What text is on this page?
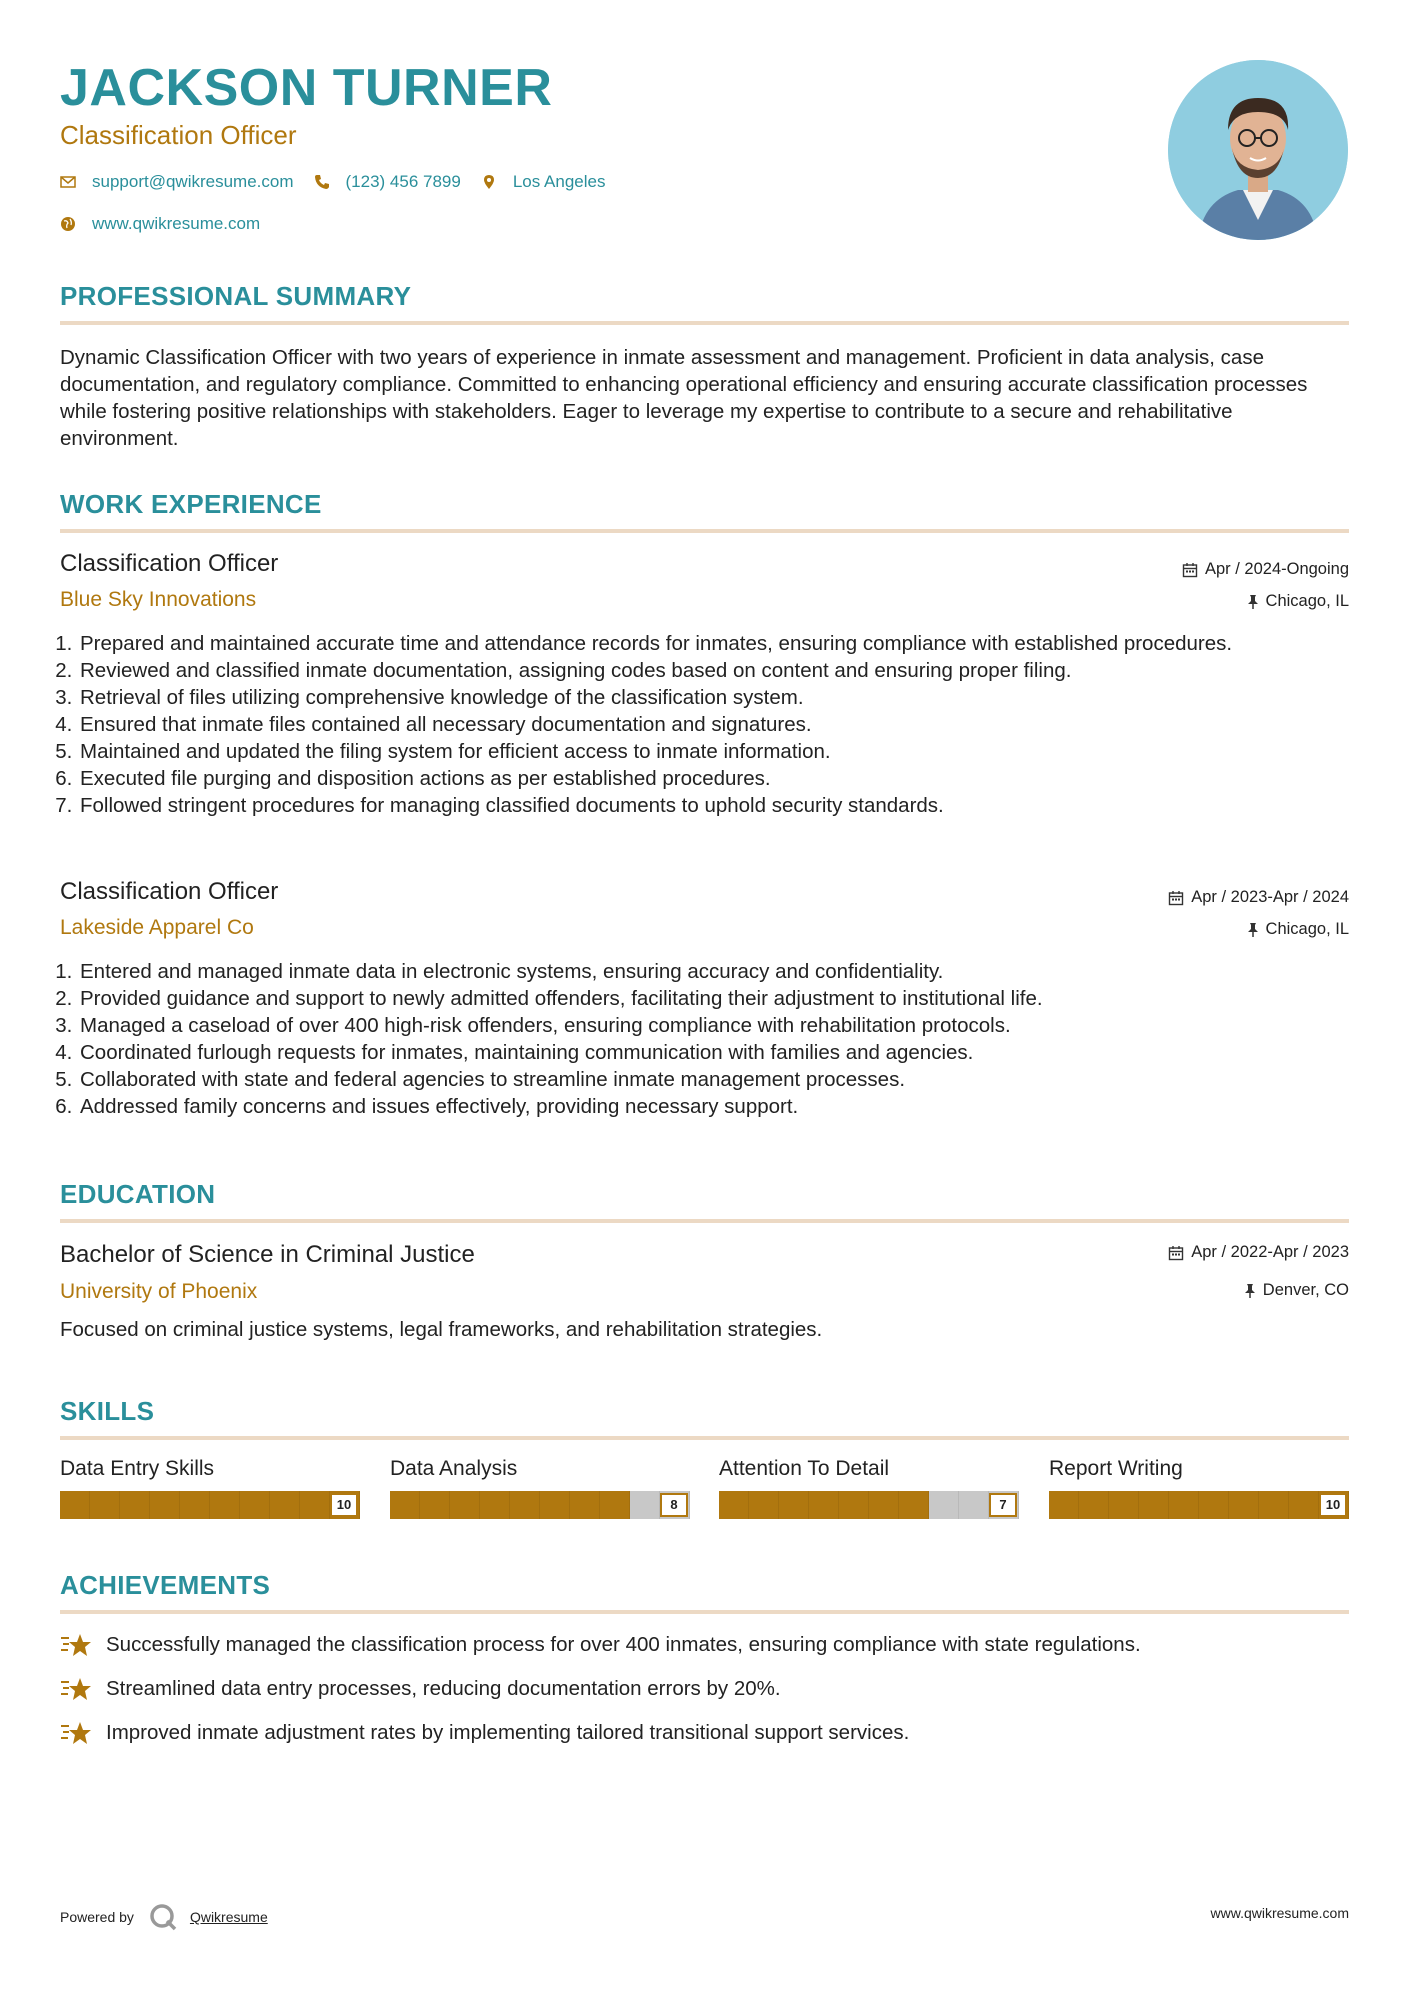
JACKSON TURNER
Classification Officer
support@qwikresume.com	(123) 456 7899	Los Angeles
www.qwikresume.com
PROFESSIONAL SUMMARY
Dynamic Classification Officer with two years of experience in inmate assessment and management. Proficient in data analysis, case documentation, and regulatory compliance. Committed to enhancing operational efficiency and ensuring accurate classification processes while fostering positive relationships with stakeholders. Eager to leverage my expertise to contribute to a secure and rehabilitative environment.
WORK EXPERIENCE
Classification Officer	Apr / 2024-Ongoing
Blue Sky Innovations	Chicago, IL
1. Prepared and maintained accurate time and attendance records for inmates, ensuring compliance with established procedures.
2. Reviewed and classified inmate documentation, assigning codes based on content and ensuring proper filing.
3. Retrieval of files utilizing comprehensive knowledge of the classification system.
4. Ensured that inmate files contained all necessary documentation and signatures.
5. Maintained and updated the filing system for efficient access to inmate information.
6. Executed file purging and disposition actions as per established procedures.
7. Followed stringent procedures for managing classified documents to uphold security standards.
Classification Officer	Apr / 2023-Apr / 2024
Lakeside Apparel Co	Chicago, IL
1. Entered and managed inmate data in electronic systems, ensuring accuracy and confidentiality.
2. Provided guidance and support to newly admitted offenders, facilitating their adjustment to institutional life.
3. Managed a caseload of over 400 high-risk offenders, ensuring compliance with rehabilitation protocols.
4. Coordinated furlough requests for inmates, maintaining communication with families and agencies.
5. Collaborated with state and federal agencies to streamline inmate management processes.
6. Addressed family concerns and issues effectively, providing necessary support.
EDUCATION
Bachelor of Science in Criminal Justice	Apr / 2022-Apr / 2023
University of Phoenix	Denver, CO
Focused on criminal justice systems, legal frameworks, and rehabilitation strategies.
SKILLS
Data Entry Skills
10
Data Analysis
8
Attention To Detail
7
Report Writing
10
ACHIEVEMENTS
Successfully managed the classification process for over 400 inmates, ensuring compliance with state regulations.
Streamlined data entry processes, reducing documentation errors by 20%.
Improved inmate adjustment rates by implementing tailored transitional support services.
Powered by	Qwikresume	www.qwikresume.com
